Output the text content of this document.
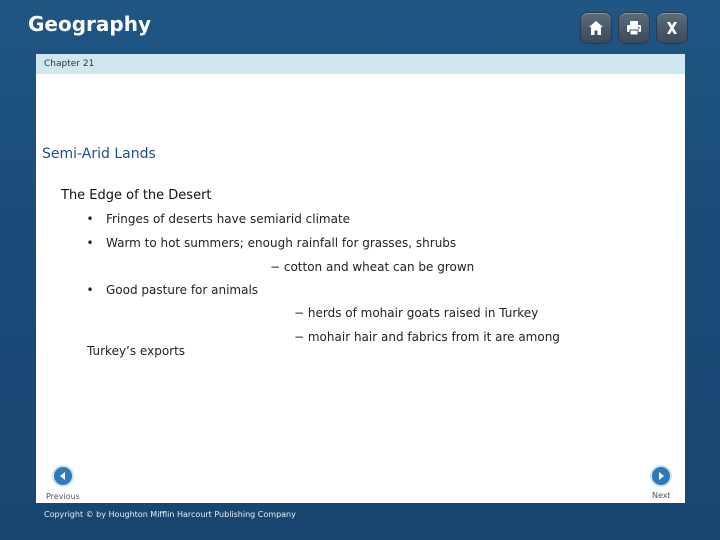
Geography
Chapter 21
Semi-Arid Lands
The Edge of the Desert
• Fringes of deserts have semiarid climate
• Warm to hot summers; enough rainfall for grasses, shrubs
− cotton and wheat can be grown
• Good pasture for animals
− herds of mohair goats raised in Turkey
− mohair hair and fabrics from it are among
Turkey’s exports
Previous	Next
Copyright © by Houghton Mifflin Harcourt Publishing Company
